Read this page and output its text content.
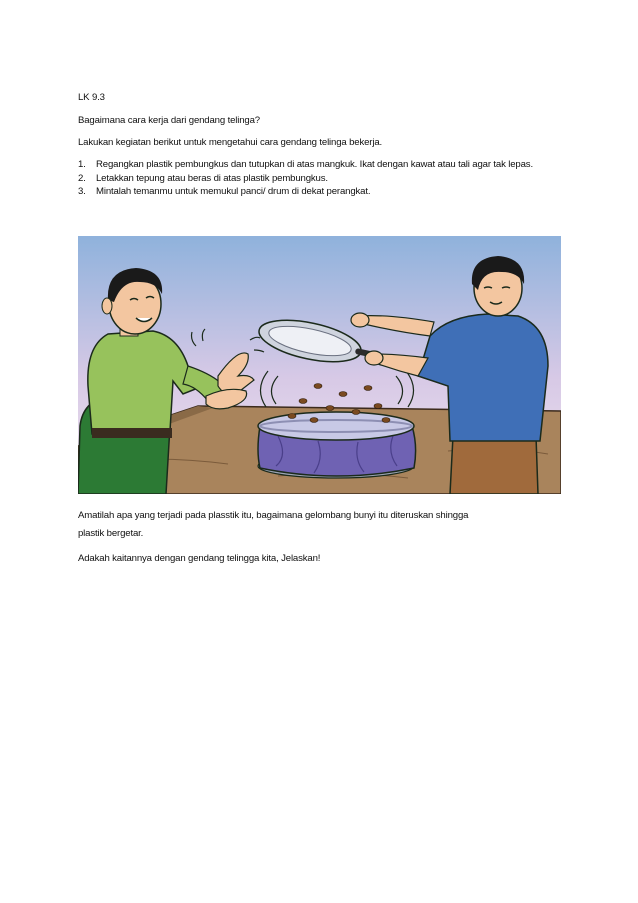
LK 9.3
Bagaimana cara kerja dari gendang telinga?
Lakukan kegiatan berikut untuk mengetahui cara gendang telinga bekerja.
1. Regangkan plastik pembungkus dan tutupkan di atas mangkuk. Ikat dengan kawat atau tali agar tak lepas.
2. Letakkan tepung atau beras di atas plastik pembungkus.
3. Mintalah temanmu untuk memukul panci/ drum di dekat perangkat.
Amatilah apa yang terjadi pada plasstik itu, bagaimana gelombang bunyi itu diteruskan shingga
plastik bergetar.
Adakah kaitannya dengan gendang telingga kita, Jelaskan!
